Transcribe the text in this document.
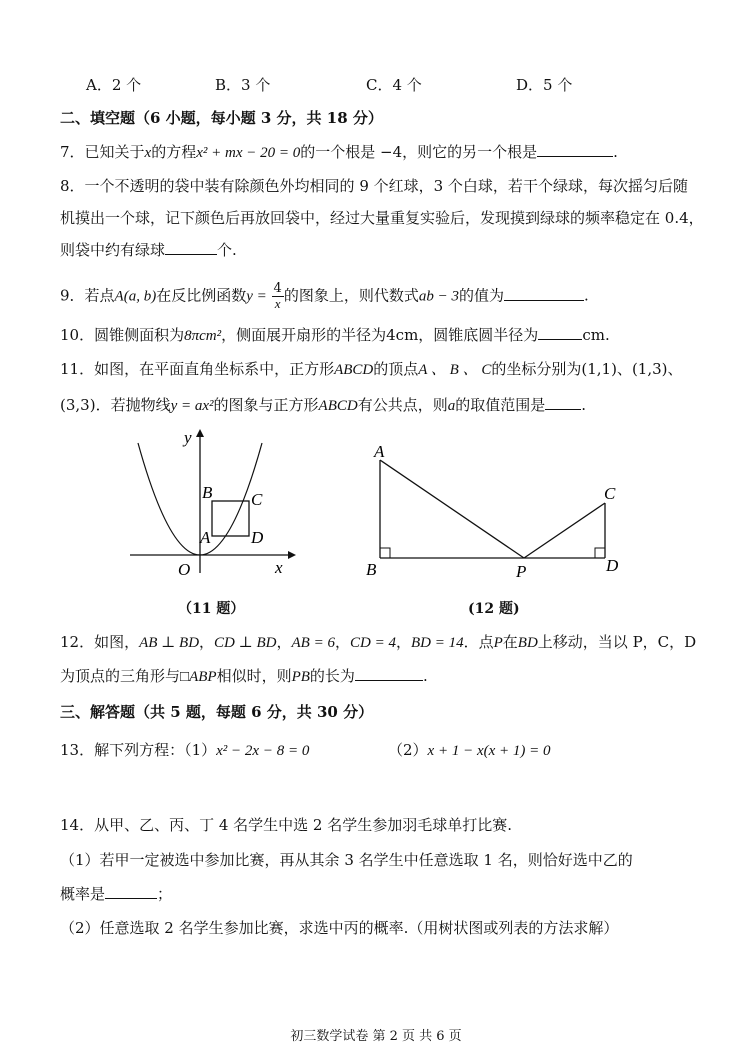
A．2 个	B．3 个	C．4 个	D．5 个
二、填空题（6 小题，每小题 3 分，共 18 分）
7．已知关于x的方程x² + mx − 20 = 0的一个根是 −4，则它的另一个根是	.
8．一个不透明的袋中装有除颜色外均相同的 9 个红球，3 个白球，若干个绿球，每次摇匀后随
机摸出一个球，记下颜色后再放回袋中，经过大量重复实验后，发现摸到绿球的频率稳定在 0.4，
则袋中约有绿球	个.
9．若点A(a, b)在反比例函数$y = \frac{4}{x}$ 的图象上，则代数式ab − 3的值为	.
10．圆锥侧面积为8πcm²，侧面展开扇形的半径为4cm，圆锥底圆半径为	cm.
11．如图，在平面直角坐标系中，正方形ABCD的顶点A 、 B 、 C的坐标分别为(1,1)、(1,3)、
(3,3)．若抛物线y = ax²的图象与正方形ABCD有公共点，则a的取值范围是 .
y
x
O
A
B C
D
（11 题）
A
B	P
C
D
(12 题)
12．如图，AB ⊥ BD，CD ⊥ BD，AB = 6，CD = 4，BD = 14．点P在BD上移动，当以 P，C，D
为顶点的三角形与□ABP相似时，则PB的长为	.
三、解答题（共 5 题，每题 6 分，共 30 分）
13．解下列方程：（1）x² − 2x − 8 = 0	（2）x + 1 − x(x + 1) = 0
14．从甲、乙、丙、丁 4 名学生中选 2 名学生参加羽毛球单打比赛.
（1）若甲一定被选中参加比赛，再从其余 3 名学生中任意选取 1 名，则恰好选中乙的
概率是	；
（2）任意选取 2 名学生参加比赛，求选中丙的概率.（用树状图或列表的方法求解）
初三数学试卷 第 2 页 共 6 页
